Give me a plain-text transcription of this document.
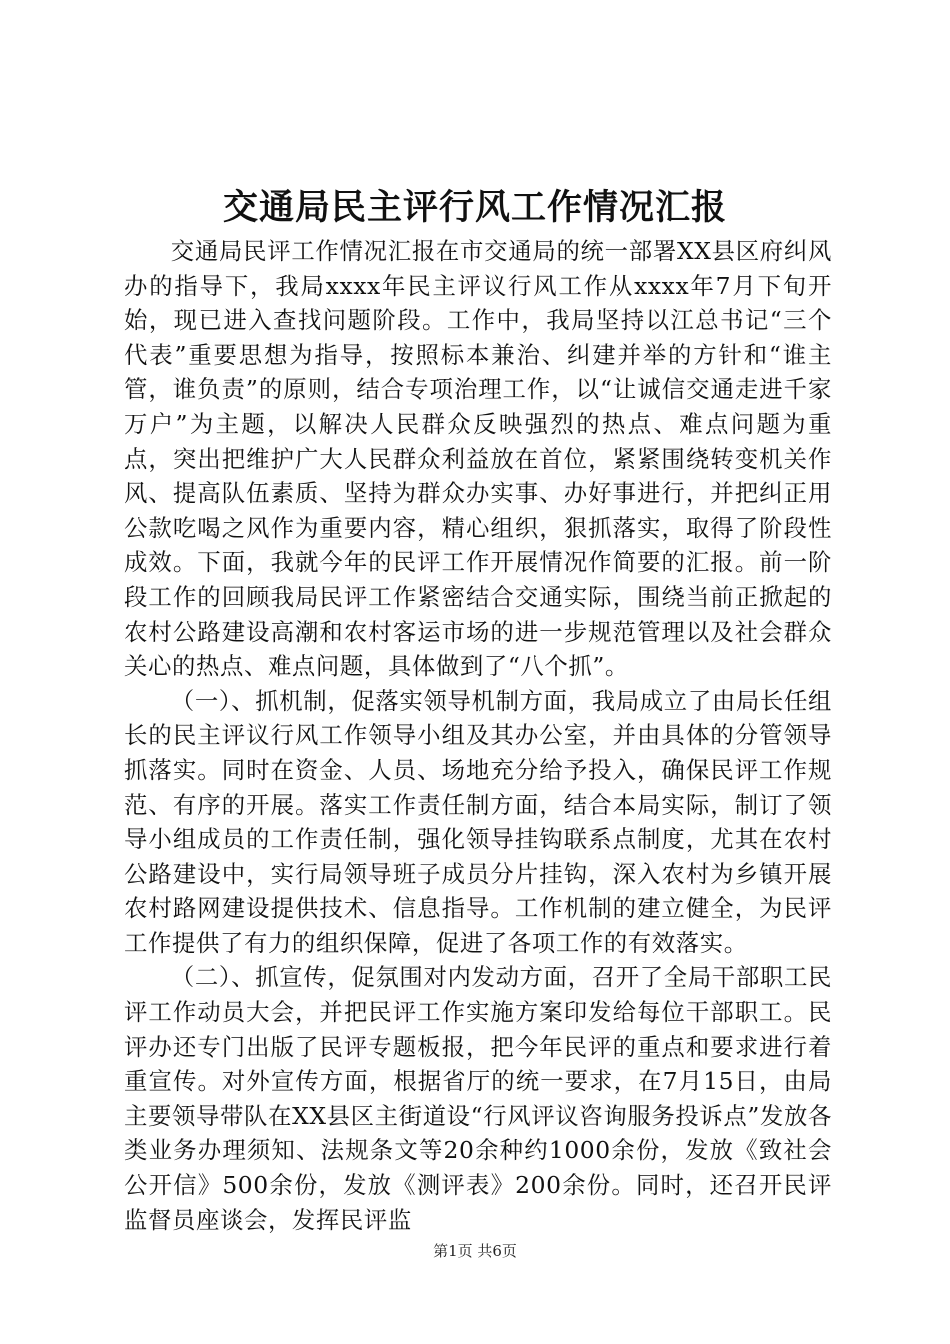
交通局民主评行风工作情况汇报

交通局民评工作情况汇报在市交通局的统一部署XX县区府纠风办的指导下，我局xxxx年民主评议行风工作从xxxx年7月下旬开始，现已进入查找问题阶段。工作中，我局坚持以江总书记“三个代表”重要思想为指导，按照标本兼治、纠建并举的方针和“谁主管，谁负责”的原则，结合专项治理工作，以“让诚信交通走进千家万户”为主题，以解决人民群众反映强烈的热点、难点问题为重点，突出把维护广大人民群众利益放在首位，紧紧围绕转变机关作风、提高队伍素质、坚持为群众办实事、办好事进行，并把纠正用公款吃喝之风作为重要内容，精心组织，狠抓落实，取得了阶段性成效。下面，我就今年的民评工作开展情况作简要的汇报。前一阶段工作的回顾我局民评工作紧密结合交通实际，围绕当前正掀起的农村公路建设高潮和农村客运市场的进一步规范管理以及社会群众关心的热点、难点问题，具体做到了“八个抓”。

（一）、抓机制，促落实领导机制方面，我局成立了由局长任组长的民主评议行风工作领导小组及其办公室，并由具体的分管领导抓落实。同时在资金、人员、场地充分给予投入，确保民评工作规范、有序的开展。落实工作责任制方面，结合本局实际，制订了领导小组成员的工作责任制，强化领导挂钩联系点制度，尤其在农村公路建设中，实行局领导班子成员分片挂钩，深入农村为乡镇开展农村路网建设提供技术、信息指导。工作机制的建立健全，为民评工作提供了有力的组织保障，促进了各项工作的有效落实。

（二）、抓宣传，促氛围对内发动方面，召开了全局干部职工民评工作动员大会，并把民评工作实施方案印发给每位干部职工。民评办还专门出版了民评专题板报，把今年民评的重点和要求进行着重宣传。对外宣传方面，根据省厅的统一要求，在7月15日，由局主要领导带队在XX县区主街道设“行风评议咨询服务投诉点”发放各类业务办理须知、法规条文等20余种约1000余份，发放《致社会公开信》500余份，发放《测评表》200余份。同时，还召开民评监督员座谈会，发挥民评监

第1页 共6页
